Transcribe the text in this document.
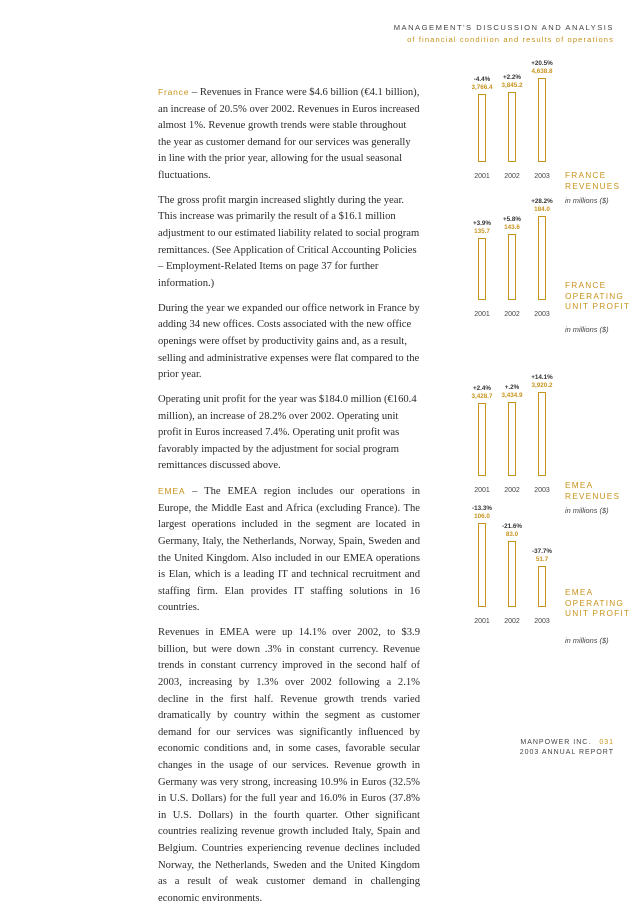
MANAGEMENT'S DISCUSSION AND ANALYSIS
of financial condition and results of operations

France – Revenues in France were $4.6 billion (€4.1 billion), an increase of 20.5% over 2002. Revenues in Euros increased almost 1%. Revenue growth trends were stable throughout the year as customer demand for our services was generally in line with the prior year, allowing for the usual seasonal fluctuations.

The gross profit margin increased slightly during the year. This increase was primarily the result of a $16.1 million adjustment to our estimated liability related to social program remittances. (See Application of Critical Accounting Policies – Employment-Related Items on page 37 for further information.)

During the year we expanded our office network in France by adding 34 new offices. Costs associated with the new office openings were offset by productivity gains and, as a result, selling and administrative expenses were flat compared to the prior year.

Operating unit profit for the year was $184.0 million (€160.4 million), an increase of 28.2% over 2002. Operating unit profit in Euros increased 7.4%. Operating unit profit was favorably impacted by the adjustment for social program remittances discussed above.

EMEA – The EMEA region includes our operations in Europe, the Middle East and Africa (excluding France). The largest operations included in the segment are located in Germany, Italy, the Netherlands, Norway, Spain, Sweden and the United Kingdom. Also included in our EMEA operations is Elan, which is a leading IT and technical recruitment and staffing firm. Elan provides IT staffing solutions in 16 countries.

Revenues in EMEA were up 14.1% over 2002, to $3.9 billion, but were down .3% in constant currency. Revenue trends in constant currency improved in the second half of 2003, increasing by 1.3% over 2002 following a 2.1% decline in the first half. Revenue growth trends varied dramatically by country within the segment as customer demand for our services was significantly influenced by economic conditions and, in some cases, favorable secular changes in the usage of our services. Revenue growth in Germany was very strong, increasing 10.9% in Euros (32.5% in U.S. Dollars) for the full year and 16.0% in Euros (37.8% in U.S. Dollars) in the fourth quarter. Other significant countries realizing revenue growth included Italy, Spain and Belgium. Countries experiencing revenue declines included Norway, the Netherlands, Sweden and the United Kingdom as a result of weak customer demand in challenging economic environments.

3,766.4
-4.4%
2001
3,845.2
+2.2%
2002
4,638.8
+20.5%
2003	FRANCE REVENUES
in millions ($)
135.7
+3.9%
2001
143.6
+5.8%
2002
184.0
+28.2%
2003
FRANCE OPERATING UNIT PROFIT
in millions ($)
3,428.7
+2.4%
2001
3,434.9
+.2%
2002
3,920.2
+14.1%
2003
EMEA REVENUES
in millions ($)
106.0
-13.3%
2001
83.0
-21.6%
2002
51.7
-37.7%
2003
EMEA OPERATING UNIT PROFIT
in millions ($)
MANPOWER INC. 031
2003 ANNUAL REPORT
